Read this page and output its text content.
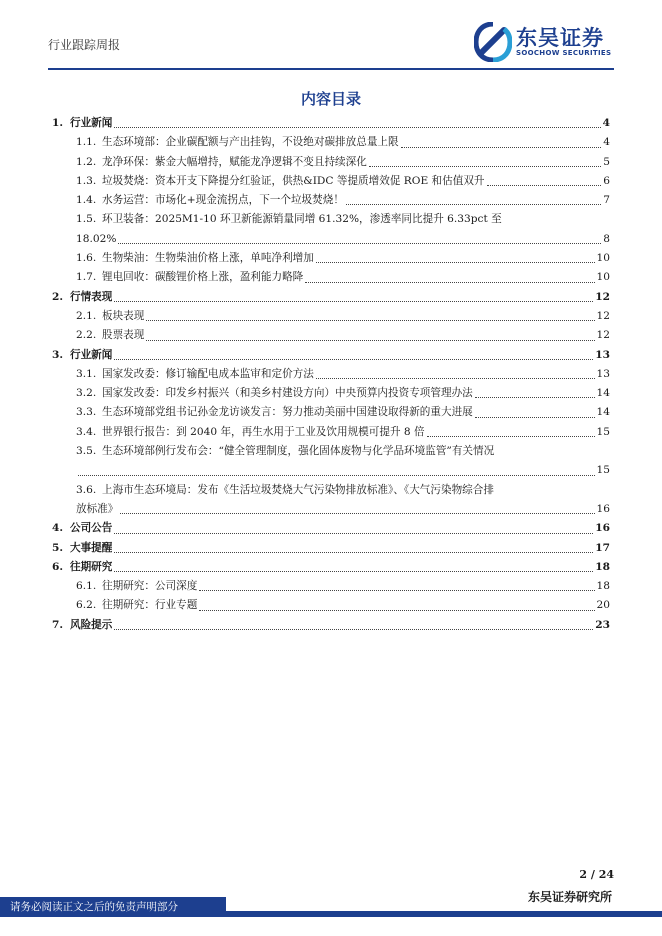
行业跟踪周报	东吴证券
SOOCHOW SECURITIES
内容目录
1. 行业新闻	4
1.1. 生态环境部：企业碳配额与产出挂钩，不设绝对碳排放总量上限	4
1.2. 龙净环保：紫金大幅增持，赋能龙净逻辑不变且持续深化	5
1.3. 垃圾焚烧：资本开支下降提分红验证，供热&IDC 等提质增效促 ROE 和估值双升	6
1.4. 水务运营：市场化+现金流拐点，下一个垃圾焚烧！	7
1.5. 环卫装备：2025M1-10 环卫新能源销量同增 61.32%，渗透率同比提升 6.33pct 至
18.02%	8
1.6. 生物柴油：生物柴油价格上涨，单吨净利增加	10
1.7. 锂电回收：碳酸锂价格上涨，盈利能力略降	10
2. 行情表现	12
2.1. 板块表现	12
2.2. 股票表现	12
3. 行业新闻	13
3.1. 国家发改委：修订输配电成本监审和定价方法	13
3.2. 国家发改委：印发乡村振兴（和美乡村建设方向）中央预算内投资专项管理办法	14
3.3. 生态环境部党组书记孙金龙访谈发言：努力推动美丽中国建设取得新的重大进展	14
3.4. 世界银行报告：到 2040 年，再生水用于工业及饮用规模可提升 8 倍	15
3.5. 生态环境部例行发布会：“健全管理制度，强化固体废物与化学品环境监管”有关情况
15
3.6. 上海市生态环境局：发布《生活垃圾焚烧大气污染物排放标准》、《大气污染物综合排
放标准》	16
4. 公司公告	16
5. 大事提醒	17
6. 往期研究	18
6.1. 往期研究：公司深度	18
6.2. 往期研究：行业专题	20
7. 风险提示	23
2 / 24
请务必阅读正文之后的免责声明部分
东吴证券研究所
